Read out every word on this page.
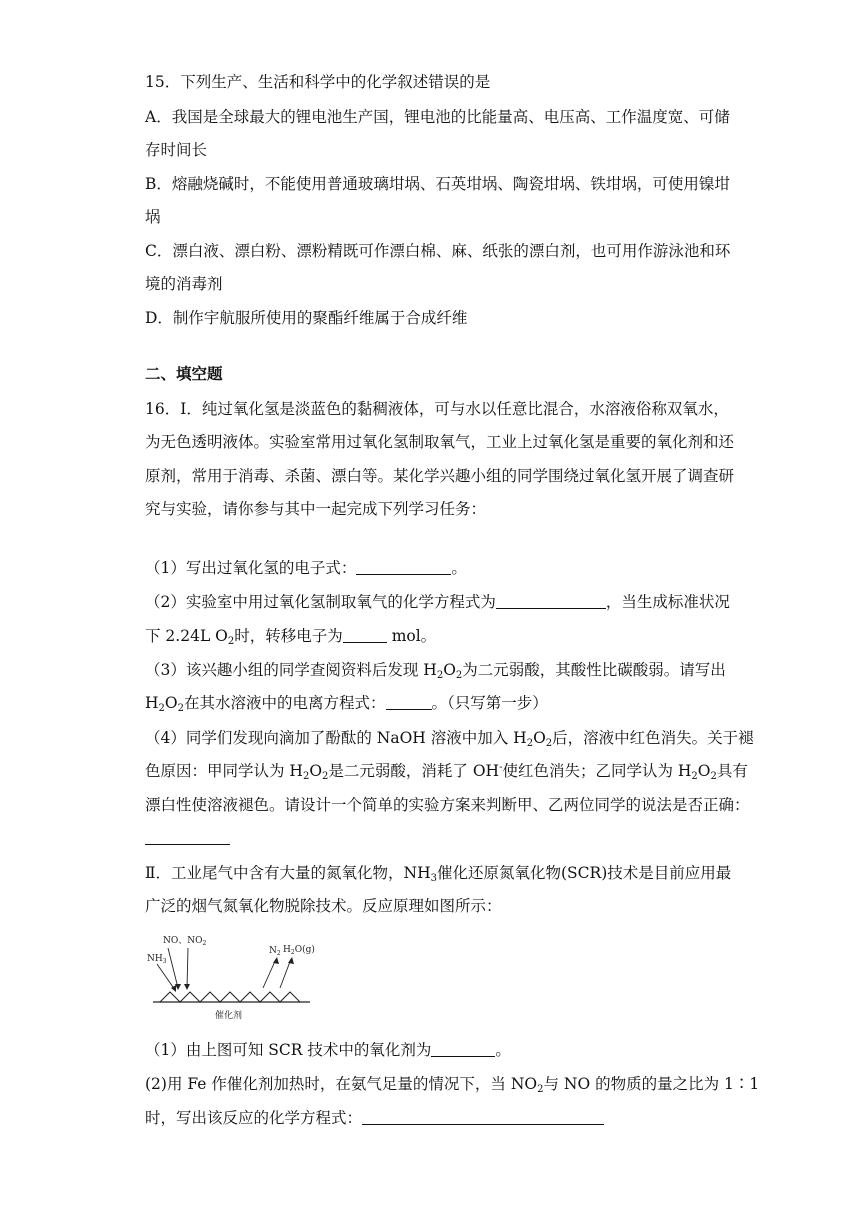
15．下列生产、生活和科学中的化学叙述错误的是
A．我国是全球最大的锂电池生产国，锂电池的比能量高、电压高、工作温度宽、可储
存时间长
B．熔融烧碱时，不能使用普通玻璃坩埚、石英坩埚、陶瓷坩埚、铁坩埚，可使用镍坩
埚
C．漂白液、漂白粉、漂粉精既可作漂白棉、麻、纸张的漂白剂，也可用作游泳池和环
境的消毒剂
D．制作宇航服所使用的聚酯纤维属于合成纤维
二、填空题
16．Ⅰ．纯过氧化氢是淡蓝色的黏稠液体，可与水以任意比混合，水溶液俗称双氧水，
为无色透明液体。实验室常用过氧化氢制取氧气，工业上过氧化氢是重要的氧化剂和还
原剂，常用于消毒、杀菌、漂白等。某化学兴趣小组的同学围绕过氧化氢开展了调查研
究与实验，请你参与其中一起完成下列学习任务：
（1）写出过氧化氢的电子式：	。
（2）实验室中用过氧化氢制取氧气的化学方程式为	，当生成标准状况
下 2.24L $O_2$时，转移电子为	mol。
（3）该兴趣小组的同学查阅资料后发现 $H_2O_2$为二元弱酸，其酸性比碳酸弱。请写出
$H_2O_2$在其水溶液中的电离方程式：	。（只写第一步）
（4）同学们发现向滴加了酚酞的 NaOH 溶液中加入 $H_2O_2$后，溶液中红色消失。关于褪
色原因：甲同学认为 $H_2O_2$是二元弱酸，消耗了 OH-使红色消失；乙同学认为 $H_2O_2$具有
漂白性使溶液褪色。请设计一个简单的实验方案来判断甲、乙两位同学的说法是否正确：
Ⅱ．工业尾气中含有大量的氮氧化物，$NH_3$催化还原氮氧化物(SCR)技术是目前应用最
广泛的烟气氮氧化物脱除技术。反应原理如图所示：
NO、$NO_2$
$NH_3$
$N_2$ $H_2O(g)$
催化剂
（1）由上图可知 SCR 技术中的氧化剂为	。
(2)用 Fe 作催化剂加热时，在氨气足量的情况下，当 $NO_2$与 NO 的物质的量之比为 1∶1
时，写出该反应的化学方程式：
